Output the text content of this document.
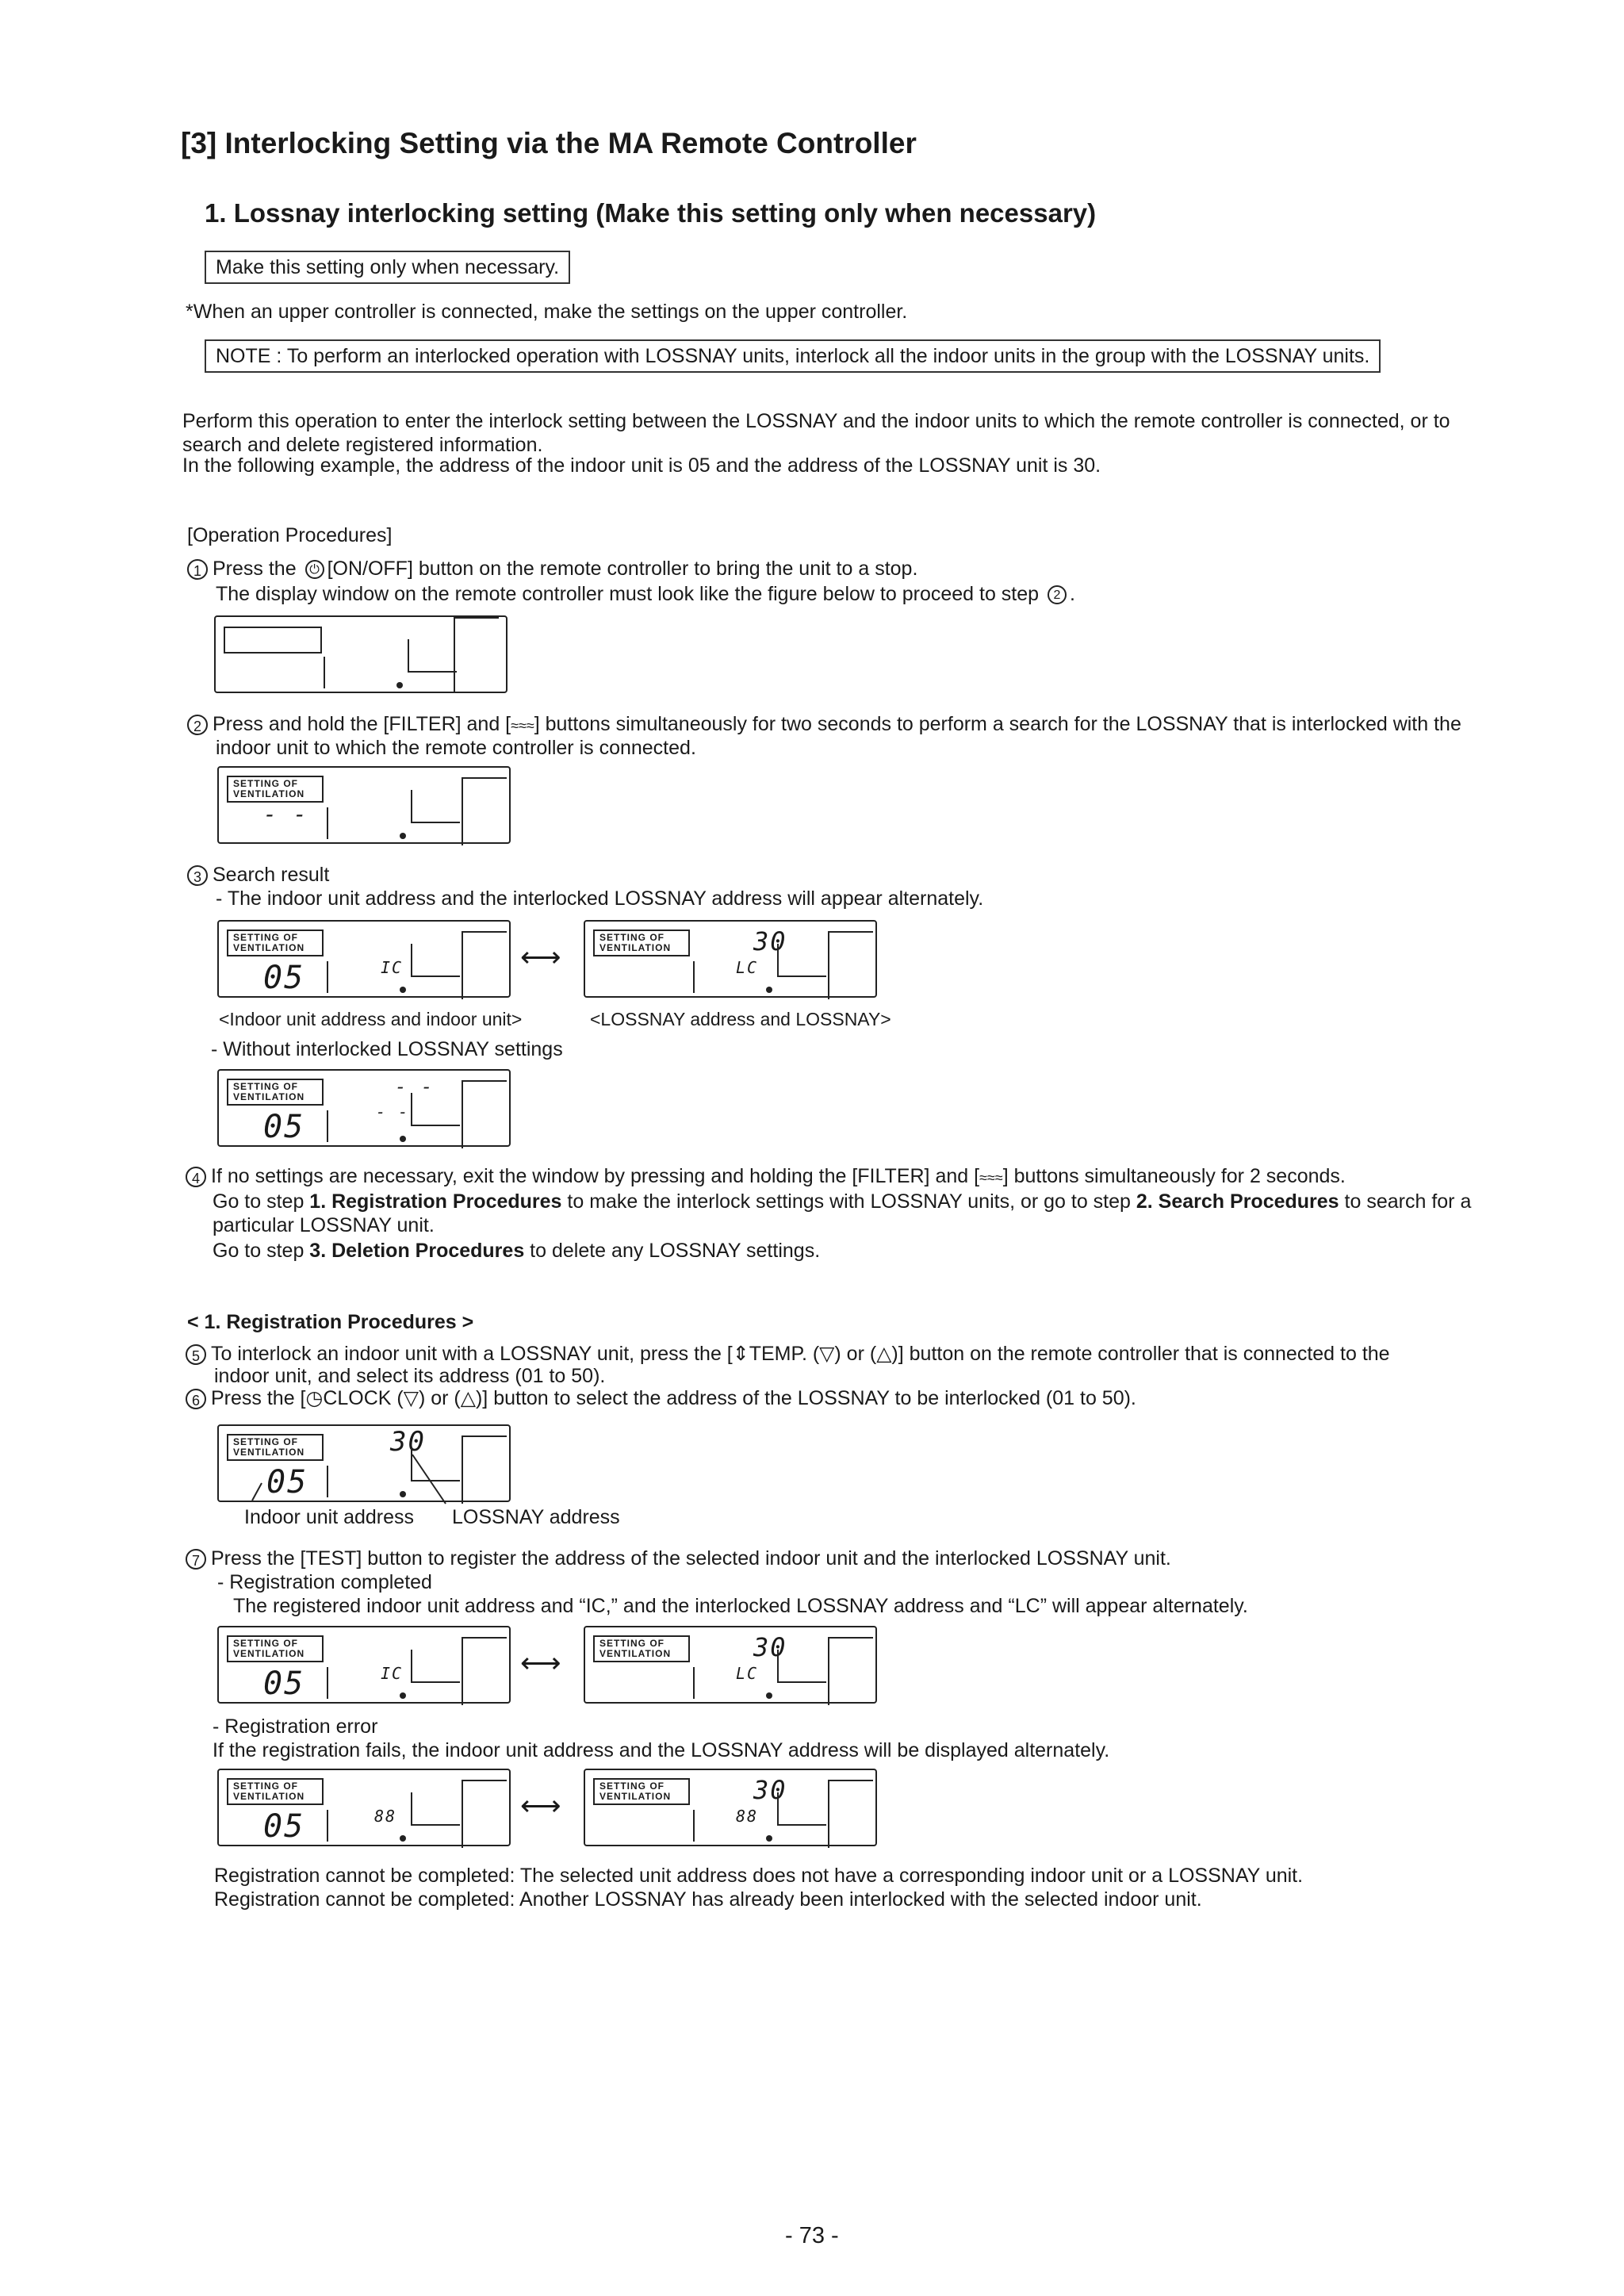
[3] Interlocking Setting via the MA Remote Controller
1. Lossnay interlocking setting (Make this setting only when necessary)
Make this setting only when necessary.
*When an upper controller is connected, make the settings on the upper controller.
NOTE : To perform an interlocked operation with LOSSNAY units, interlock all the indoor units in the group with the LOSSNAY units.
Perform this operation to enter the interlock setting between the LOSSNAY and the indoor units to which the remote controller is connected, or to
search and delete registered information.
In the following example, the address of the indoor unit is 05 and the address of the LOSSNAY unit is 30.
[Operation Procedures]
1 Press the ⏻ [ON/OFF] button on the remote controller to bring the unit to a stop.
The display window on the remote controller must look like the figure below to proceed to step 2 .
2 Press and hold the [FILTER] and [≈≈≈] buttons simultaneously for two seconds to perform a search for the LOSSNAY that is interlocked with the
indoor unit to which the remote controller is connected.
SETTING OF VENTILATION
- -
3 Search result
- The indoor unit address and the interlocked LOSSNAY address will appear alternately.
SETTING OF VENTILATION
05	IC	⟷
SETTING OF VENTILATION	30
LC
<Indoor unit address and indoor unit>	<LOSSNAY address and LOSSNAY>
- Without interlocked LOSSNAY settings
SETTING OF VENTILATION
05
- -
- -
4 If no settings are necessary, exit the window by pressing and holding the [FILTER] and [≈≈≈] buttons simultaneously for 2 seconds.
Go to step 1. Registration Procedures to make the interlock settings with LOSSNAY units, or go to step 2. Search Procedures to search for a
particular LOSSNAY unit.
Go to step 3. Deletion Procedures to delete any LOSSNAY settings.
< 1. Registration Procedures >
5 To interlock an indoor unit with a LOSSNAY unit, press the [⇕TEMP. (▽) or (△)] button on the remote controller that is connected to the
indoor unit, and select its address (01 to 50).
6 Press the [◷CLOCK (▽) or (△)] button to select the address of the LOSSNAY to be interlocked (01 to 50).
SETTING OF VENTILATION
05
30
Indoor unit address LOSSNAY address
7 Press the [TEST] button to register the address of the selected indoor unit and the interlocked LOSSNAY unit.
- Registration completed
The registered indoor unit address and “IC,” and the interlocked LOSSNAY address and “LC” will appear alternately.
SETTING OF VENTILATION
05	IC	⟷
SETTING OF VENTILATION	30
LC
- Registration error
If the registration fails, the indoor unit address and the LOSSNAY address will be displayed alternately.
SETTING OF VENTILATION
05	88	⟷
SETTING OF VENTILATION	30
88
Registration cannot be completed: The selected unit address does not have a corresponding indoor unit or a LOSSNAY unit.
Registration cannot be completed: Another LOSSNAY has already been interlocked with the selected indoor unit.
- 73 -
